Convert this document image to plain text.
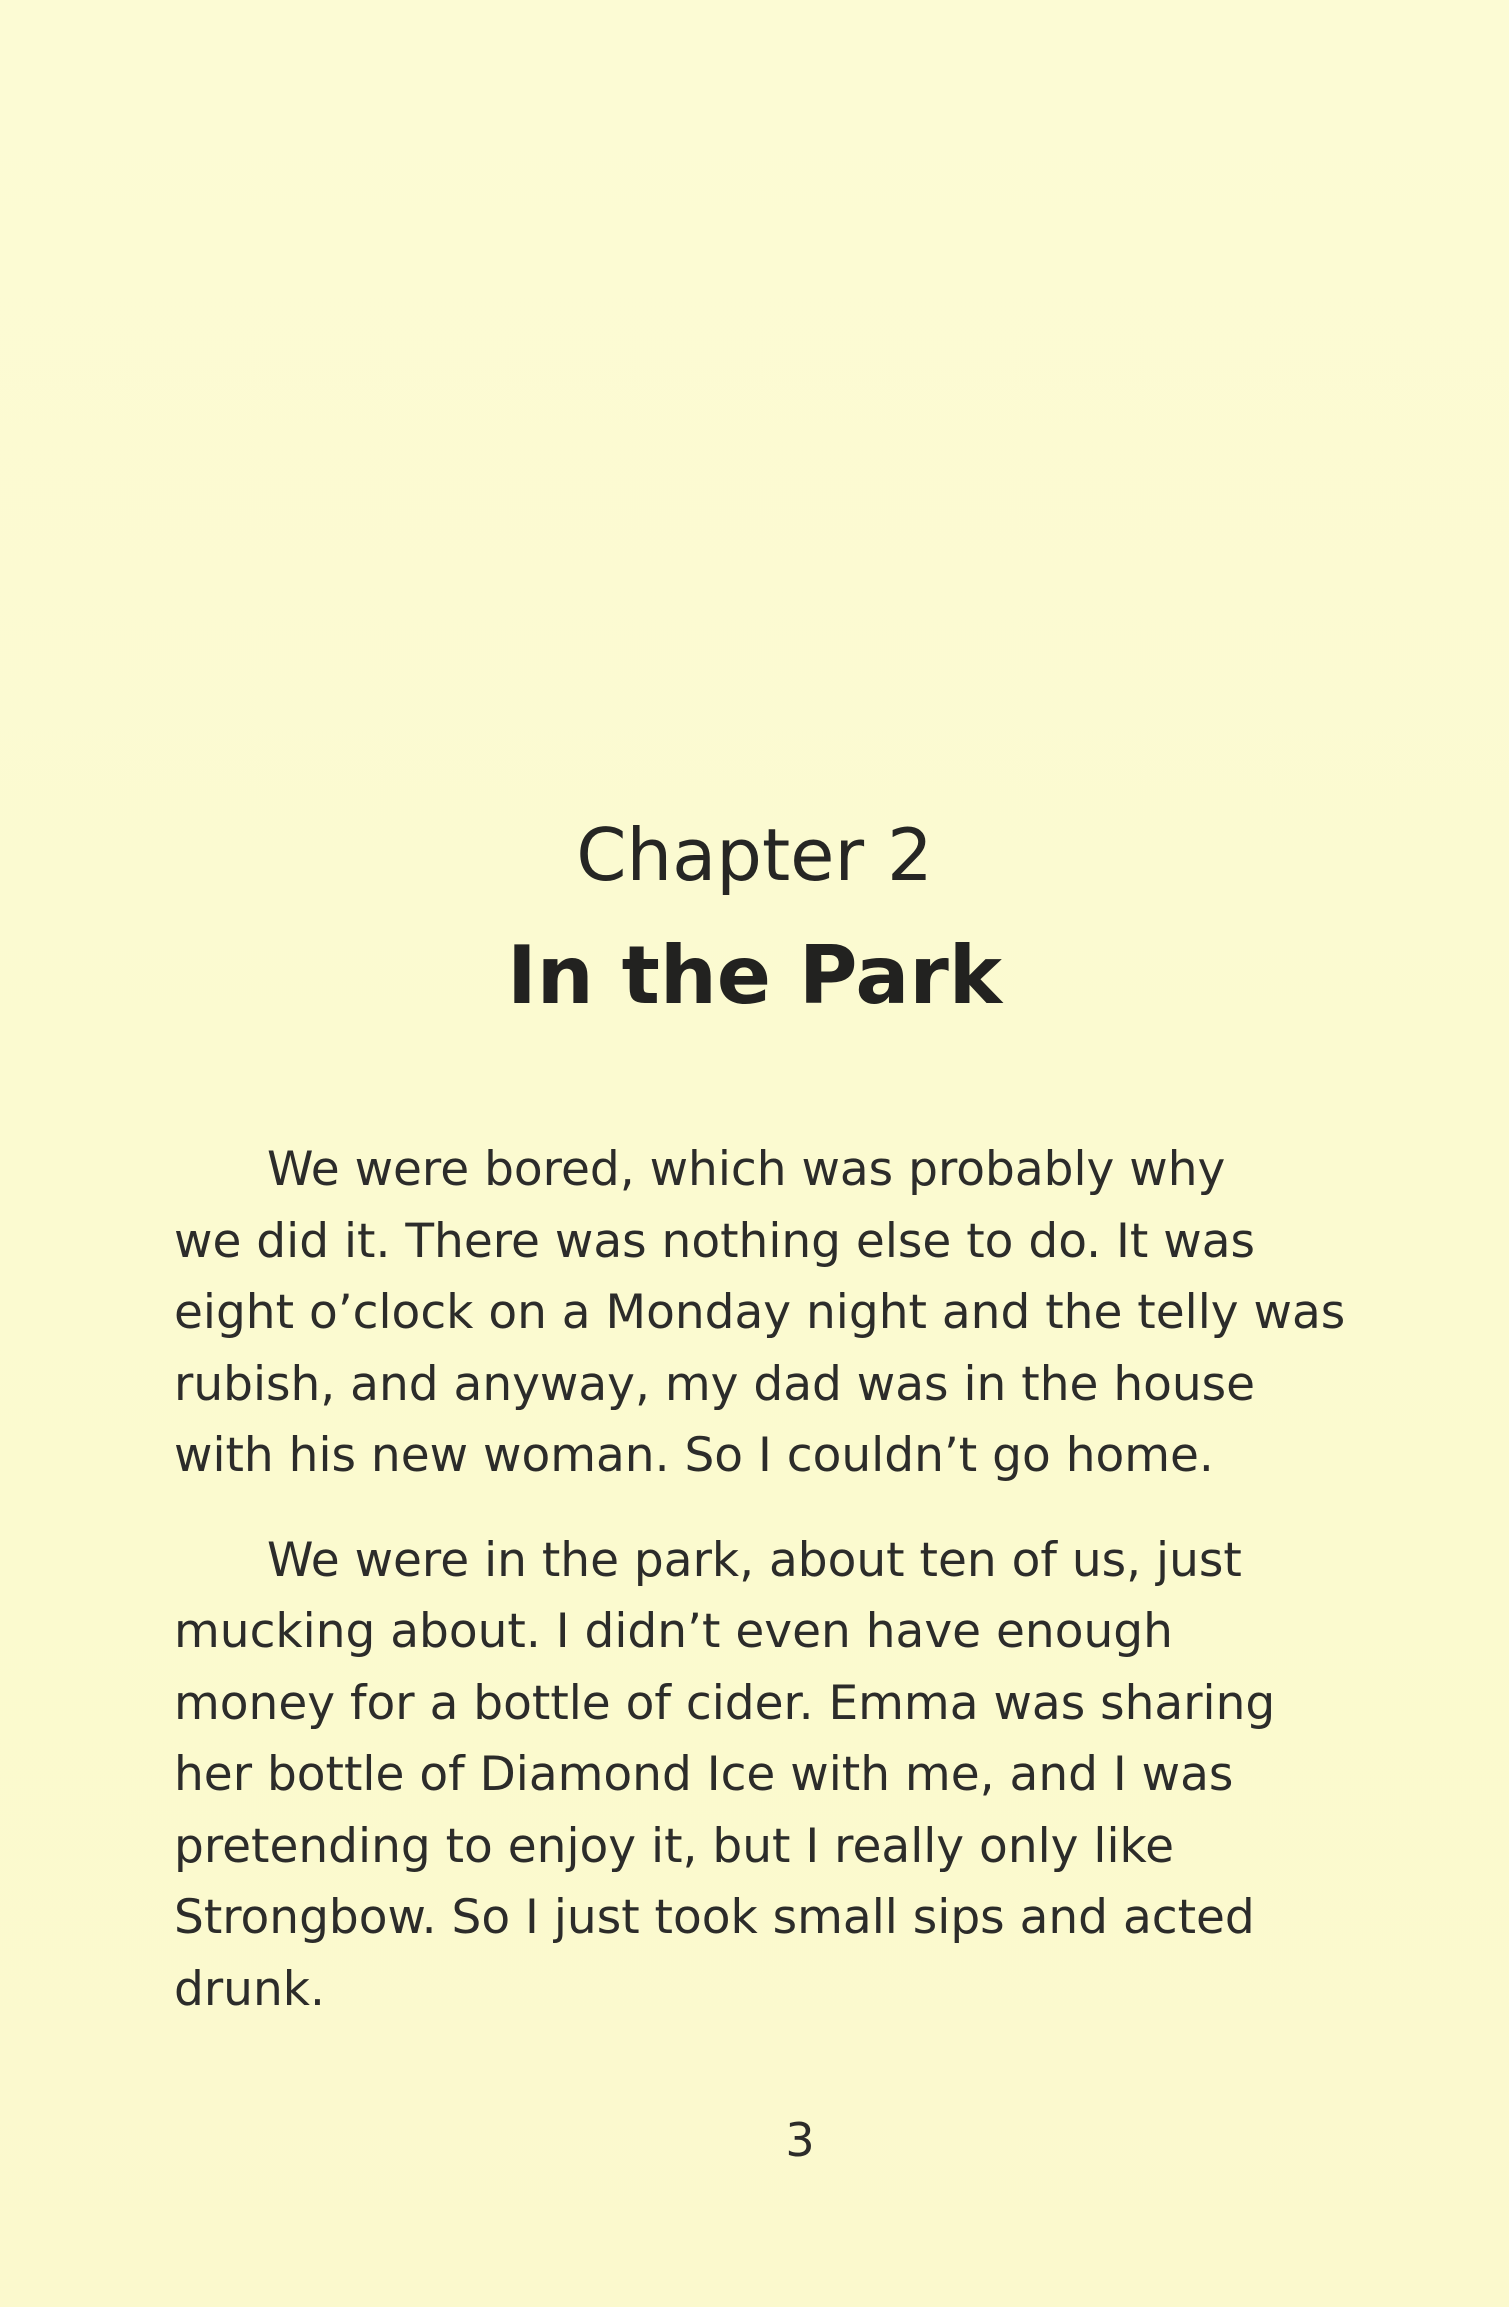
Chapter 2
In the Park

We were bored, which was probably why
we did it. There was nothing else to do. It was
eight o’clock on a Monday night and the telly was
rubish, and anyway, my dad was in the house
with his new woman. So I couldn’t go home.

We were in the park, about ten of us, just
mucking about. I didn’t even have enough
money for a bottle of cider. Emma was sharing
her bottle of Diamond Ice with me, and I was
pretending to enjoy it, but I really only like
Strongbow. So I just took small sips and acted
drunk.

3
